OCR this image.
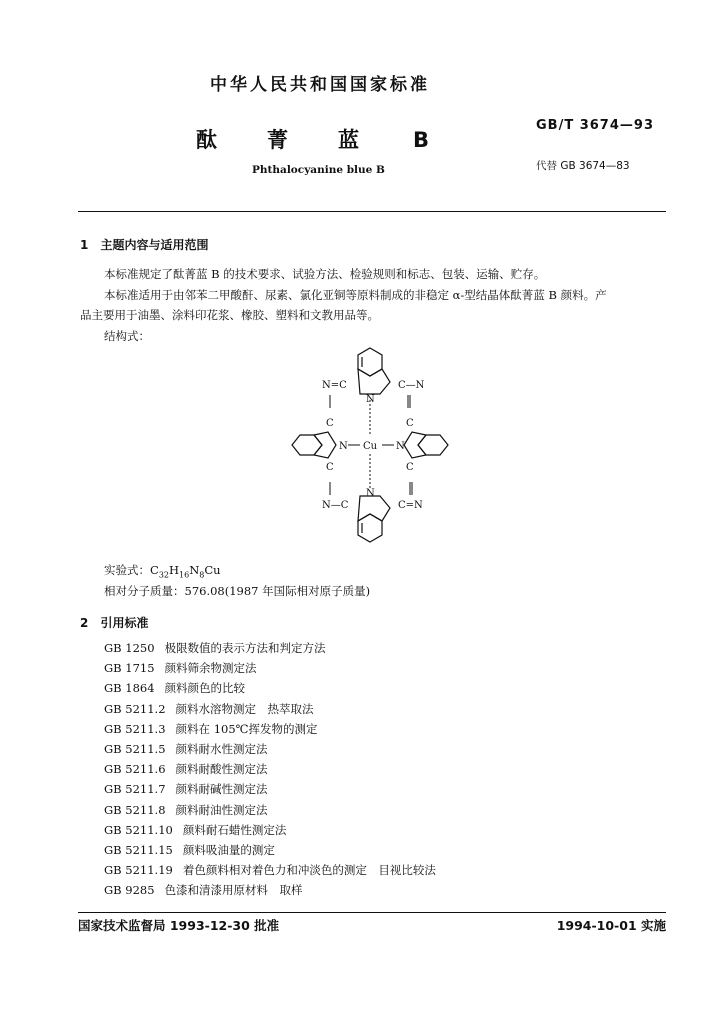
中华人民共和国国家标准
酞 菁 蓝 B
GB/T 3674—93
Phthalocyanine blue B	代替 GB 3674—83
1 主题内容与适用范围
本标准规定了酞菁蓝 B 的技术要求、试验方法、检验规则和标志、包装、运输、贮存。
本标准适用于由邻苯二甲酸酐、尿素、氯化亚铜等原料制成的非稳定 α-型结晶体酞菁蓝 B 颜料。产
品主要用于油墨、涂料印花浆、橡胶、塑料和文教用品等。
结构式：
N=C	C—N
C	C
N
N Cu N
C	C
N
N—C	C=N
实验式：$C_{32}H_{16}N_8Cu$
相对分子质量：576.08(1987 年国际相对原子质量)
2 引用标准
GB 1250 极限数值的表示方法和判定方法
GB 1715 颜料筛余物测定法
GB 1864 颜料颜色的比较
GB 5211.2 颜料水溶物测定　热萃取法
GB 5211.3 颜料在 105℃挥发物的测定
GB 5211.5 颜料耐水性测定法
GB 5211.6 颜料耐酸性测定法
GB 5211.7 颜料耐碱性测定法
GB 5211.8 颜料耐油性测定法
GB 5211.10 颜料耐石蜡性测定法
GB 5211.15 颜料吸油量的测定
GB 5211.19 着色颜料相对着色力和冲淡色的测定　目视比较法
GB 9285 色漆和清漆用原材料　取样
国家技术监督局 1993-12-30 批准	1994-10-01 实施
